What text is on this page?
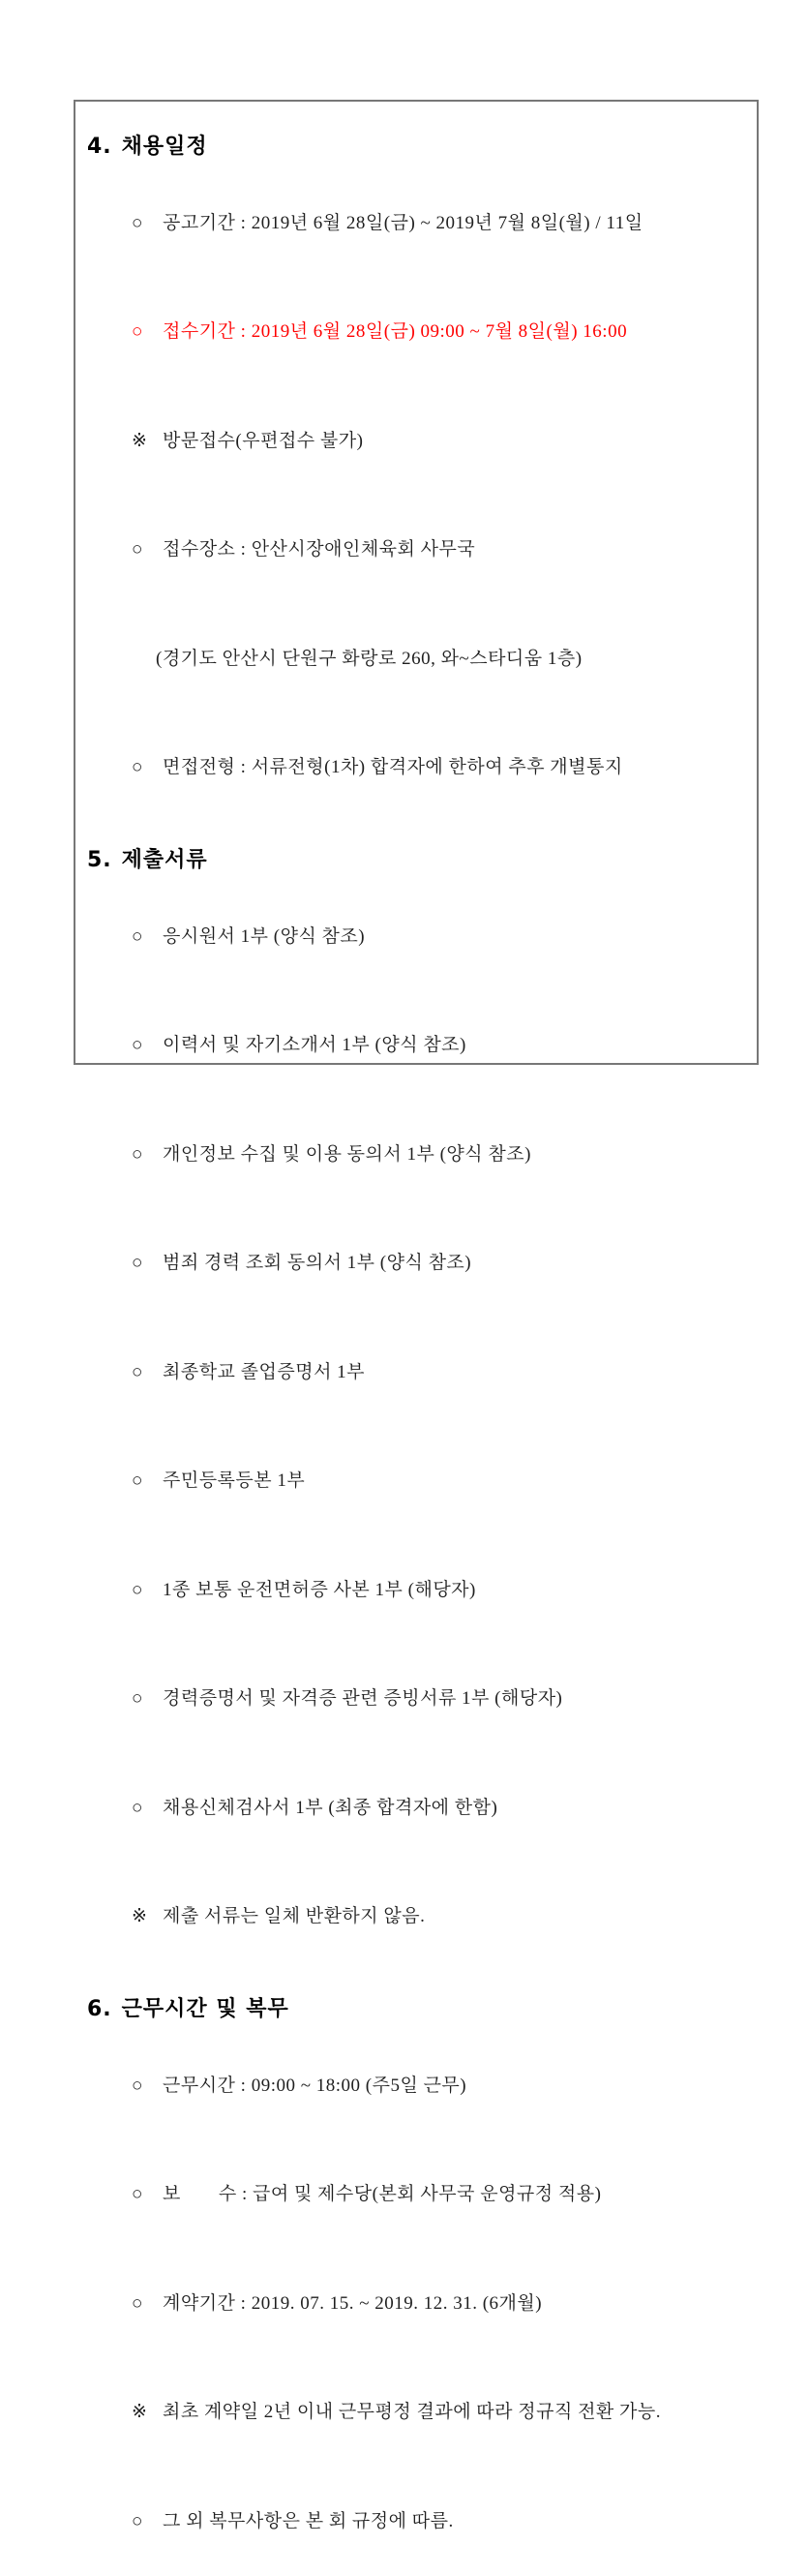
4. 채용일정

○ 공고기간 : 2019년 6월 28일(금) ~ 2019년 7월 8일(월) / 11일

○ 접수기간 : 2019년 6월 28일(금) 09:00 ~ 7월 8일(월) 16:00

※ 방문접수(우편접수 불가)

○ 접수장소 : 안산시장애인체육회 사무국

(경기도 안산시 단원구 화랑로 260, 와~스타디움 1층)

○ 면접전형 : 서류전형(1차) 합격자에 한하여 추후 개별통지

5. 제출서류

○ 응시원서 1부 (양식 참조)

○ 이력서 및 자기소개서 1부 (양식 참조)

○ 개인정보 수집 및 이용 동의서 1부 (양식 참조)

○ 범죄 경력 조회 동의서 1부 (양식 참조)

○ 최종학교 졸업증명서 1부

○ 주민등록등본 1부

○ 1종 보통 운전면허증 사본 1부 (해당자)

○ 경력증명서 및 자격증 관련 증빙서류 1부 (해당자)

○ 채용신체검사서 1부 (최종 합격자에 한함)

※ 제출 서류는 일체 반환하지 않음.

6. 근무시간 및 복무

○ 근무시간 : 09:00 ~ 18:00 (주5일 근무)

○ 보　　수 : 급여 및 제수당(본회 사무국 운영규정 적용)

○ 계약기간 : 2019. 07. 15. ~ 2019. 12. 31. (6개월)

※ 최초 계약일 2년 이내 근무평정 결과에 따라 정규직 전환 가능.

○ 그 외 복무사항은 본 회 규정에 따름.
